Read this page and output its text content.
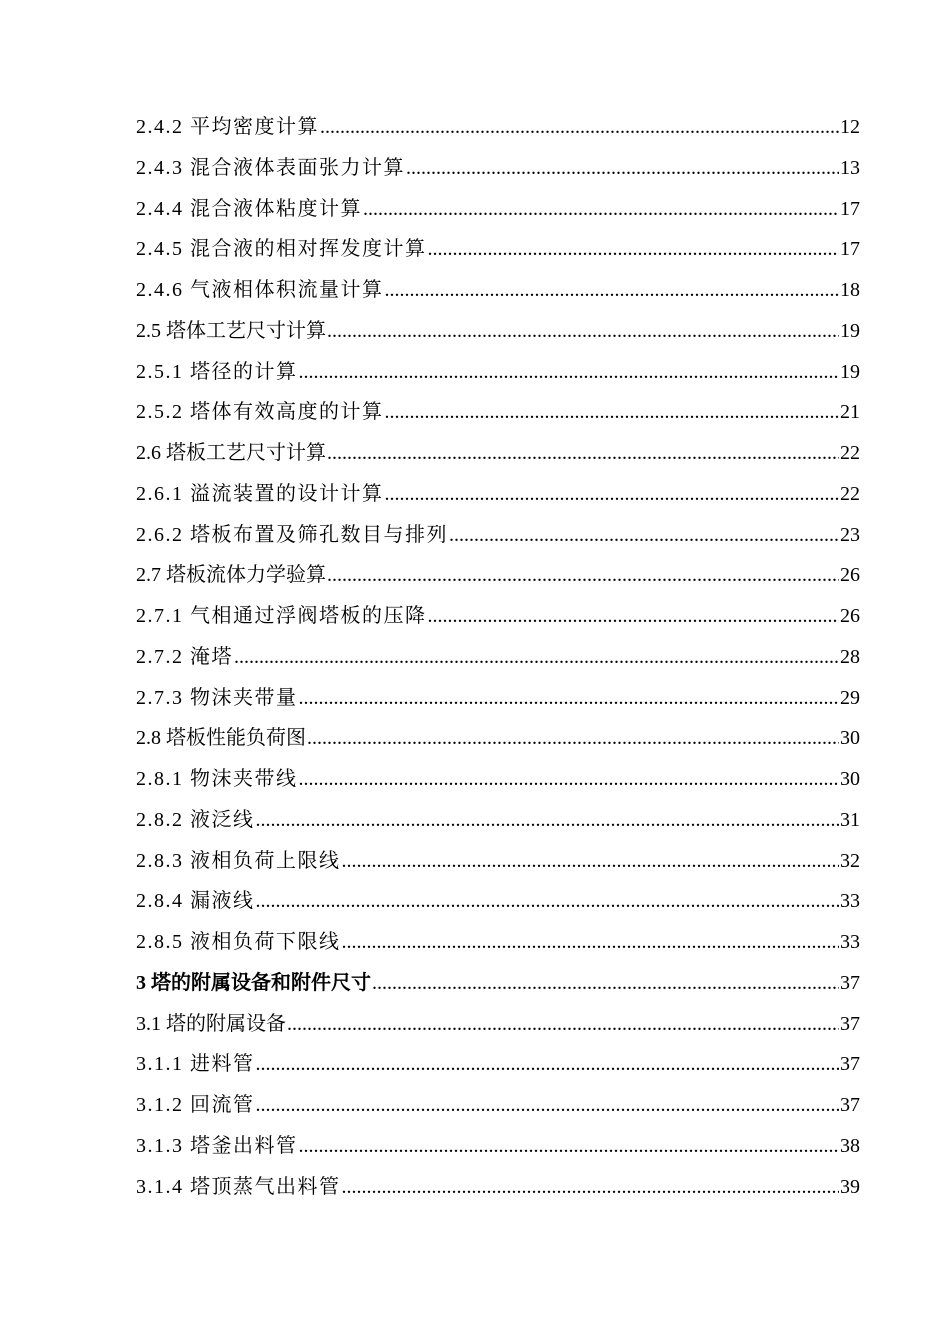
2.4.2 平均密度计算 .....	12
2.4.3 混合液体表面张力计算 .....	13
2.4.4 混合液体粘度计算 .....	17
2.4.5 混合液的相对挥发度计算 .....	17
2.4.6 气液相体积流量计算 .....	18
2.5 塔体工艺尺寸计算 .....	19
2.5.1 塔径的计算 .....	19
2.5.2 塔体有效高度的计算 .....	21
2.6 塔板工艺尺寸计算 .....	22
2.6.1 溢流装置的设计计算 .....	22
2.6.2 塔板布置及筛孔数目与排列 .....	23
2.7 塔板流体力学验算 .....	26
2.7.1 气相通过浮阀塔板的压降 .....	26
2.7.2 淹塔 .....	28
2.7.3 物沫夹带量 .....	29
2.8 塔板性能负荷图 .....	30
2.8.1 物沫夹带线 .....	30
2.8.2 液泛线 .....	31
2.8.3 液相负荷上限线 .....	32
2.8.4 漏液线 .....	33
2.8.5 液相负荷下限线 .....	33
3 塔的附属设备和附件尺寸 .....	37
3.1 塔的附属设备 .....	37
3.1.1 进料管 .....	37
3.1.2 回流管 .....	37
3.1.3 塔釜出料管 .....	38
3.1.4 塔顶蒸气出料管 .....	39
